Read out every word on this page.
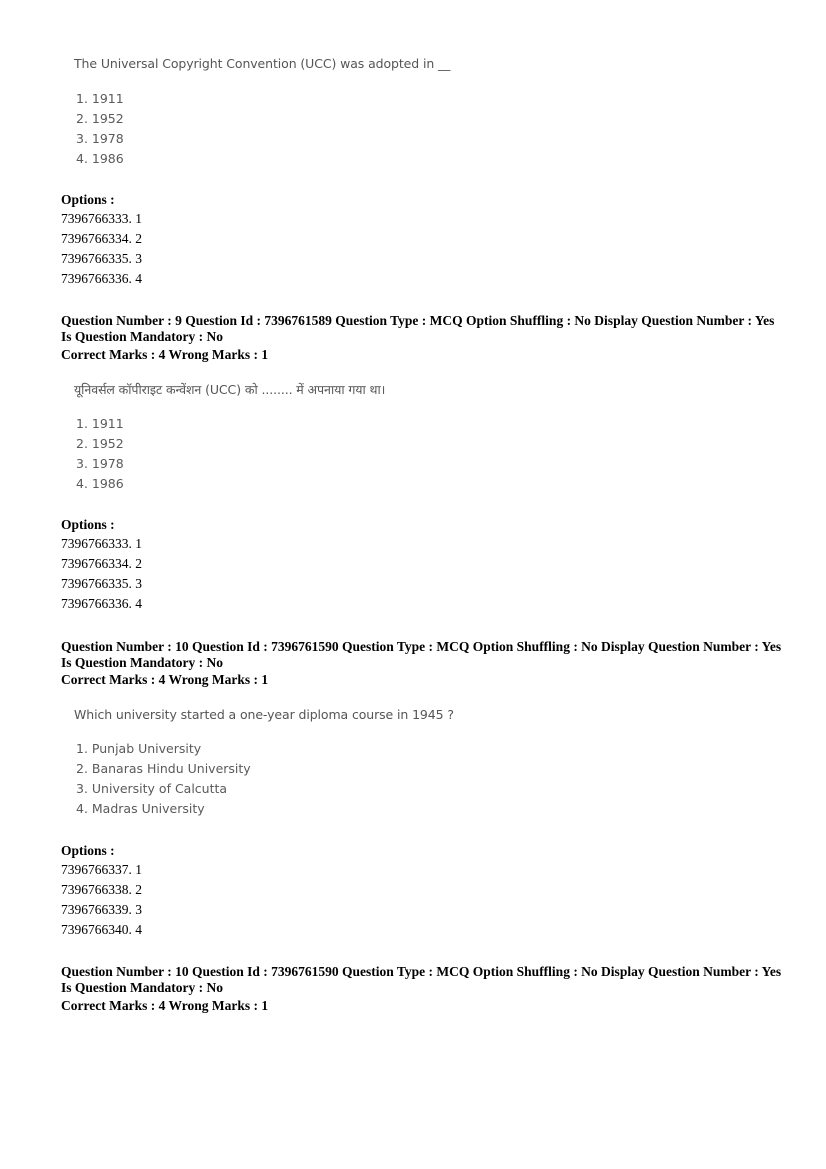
The Universal Copyright Convention (UCC) was adopted in __
1. 1911
2. 1952
3. 1978
4. 1986
Options :
7396766333. 1
7396766334. 2
7396766335. 3
7396766336. 4
Question Number : 9 Question Id : 7396761589 Question Type : MCQ Option Shuffling : No Display Question Number : Yes
Is Question Mandatory : No
Correct Marks : 4 Wrong Marks : 1
यूनिवर्सल कॉपीराइट कन्वेंशन (UCC) को ........ में अपनाया गया था।
1. 1911
2. 1952
3. 1978
4. 1986
Options :
7396766333. 1
7396766334. 2
7396766335. 3
7396766336. 4
Question Number : 10 Question Id : 7396761590 Question Type : MCQ Option Shuffling : No Display Question Number : Yes
Is Question Mandatory : No
Correct Marks : 4 Wrong Marks : 1
Which university started a one-year diploma course in 1945 ?
1. Punjab University
2. Banaras Hindu University
3. University of Calcutta
4. Madras University
Options :
7396766337. 1
7396766338. 2
7396766339. 3
7396766340. 4
Question Number : 10 Question Id : 7396761590 Question Type : MCQ Option Shuffling : No Display Question Number : Yes
Is Question Mandatory : No
Correct Marks : 4 Wrong Marks : 1
